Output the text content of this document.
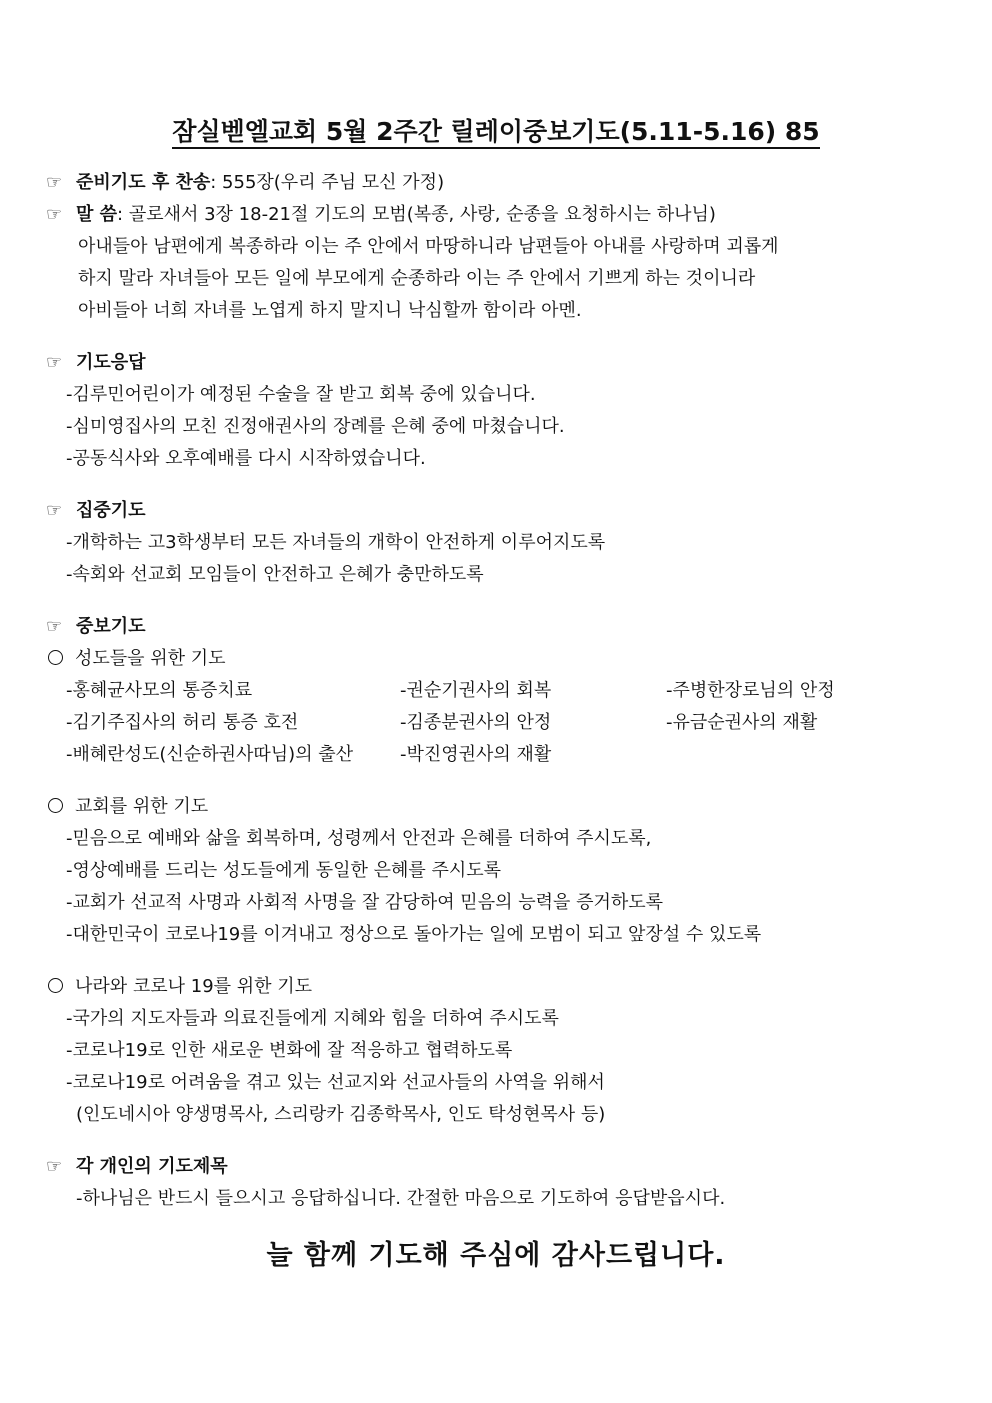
잠실벧엘교회 5월 2주간 릴레이중보기도(5.11-5.16) 85
☞ 준비기도 후 찬송: 555장(우리 주님 모신 가정)
☞ 말 씀: 골로새서 3장 18-21절 기도의 모범(복종, 사랑, 순종을 요청하시는 하나님)
아내들아 남편에게 복종하라 이는 주 안에서 마땅하니라 남편들아 아내를 사랑하며 괴롭게
하지 말라 자녀들아 모든 일에 부모에게 순종하라 이는 주 안에서 기쁘게 하는 것이니라
아비들아 너희 자녀를 노엽게 하지 말지니 낙심할까 함이라 아멘.
☞ 기도응답
-김루민어린이가 예정된 수술을 잘 받고 회복 중에 있습니다.
-심미영집사의 모친 진정애권사의 장례를 은혜 중에 마쳤습니다.
-공동식사와 오후예배를 다시 시작하였습니다.
☞ 집중기도
-개학하는 고3학생부터 모든 자녀들의 개학이 안전하게 이루어지도록
-속회와 선교회 모임들이 안전하고 은혜가 충만하도록
☞ 중보기도
성도들을 위한 기도
-홍혜균사모의 통증치료	-권순기권사의 회복	-주병한장로님의 안정
-김기주집사의 허리 통증 호전	-김종분권사의 안정	-유금순권사의 재활
-배혜란성도(신순하권사따님)의 출산	-박진영권사의 재활
교회를 위한 기도
-믿음으로 예배와 삶을 회복하며, 성령께서 안전과 은혜를 더하여 주시도록,
-영상예배를 드리는 성도들에게 동일한 은혜를 주시도록
-교회가 선교적 사명과 사회적 사명을 잘 감당하여 믿음의 능력을 증거하도록
-대한민국이 코로나19를 이겨내고 정상으로 돌아가는 일에 모범이 되고 앞장설 수 있도록
나라와 코로나 19를 위한 기도
-국가의 지도자들과 의료진들에게 지혜와 힘을 더하여 주시도록
-코로나19로 인한 새로운 변화에 잘 적응하고 협력하도록
-코로나19로 어려움을 겪고 있는 선교지와 선교사들의 사역을 위해서
(인도네시아 양생명목사, 스리랑카 김종학목사, 인도 탁성현목사 등)
☞ 각 개인의 기도제목
-하나님은 반드시 들으시고 응답하십니다. 간절한 마음으로 기도하여 응답받읍시다.
늘 함께 기도해 주심에 감사드립니다.
